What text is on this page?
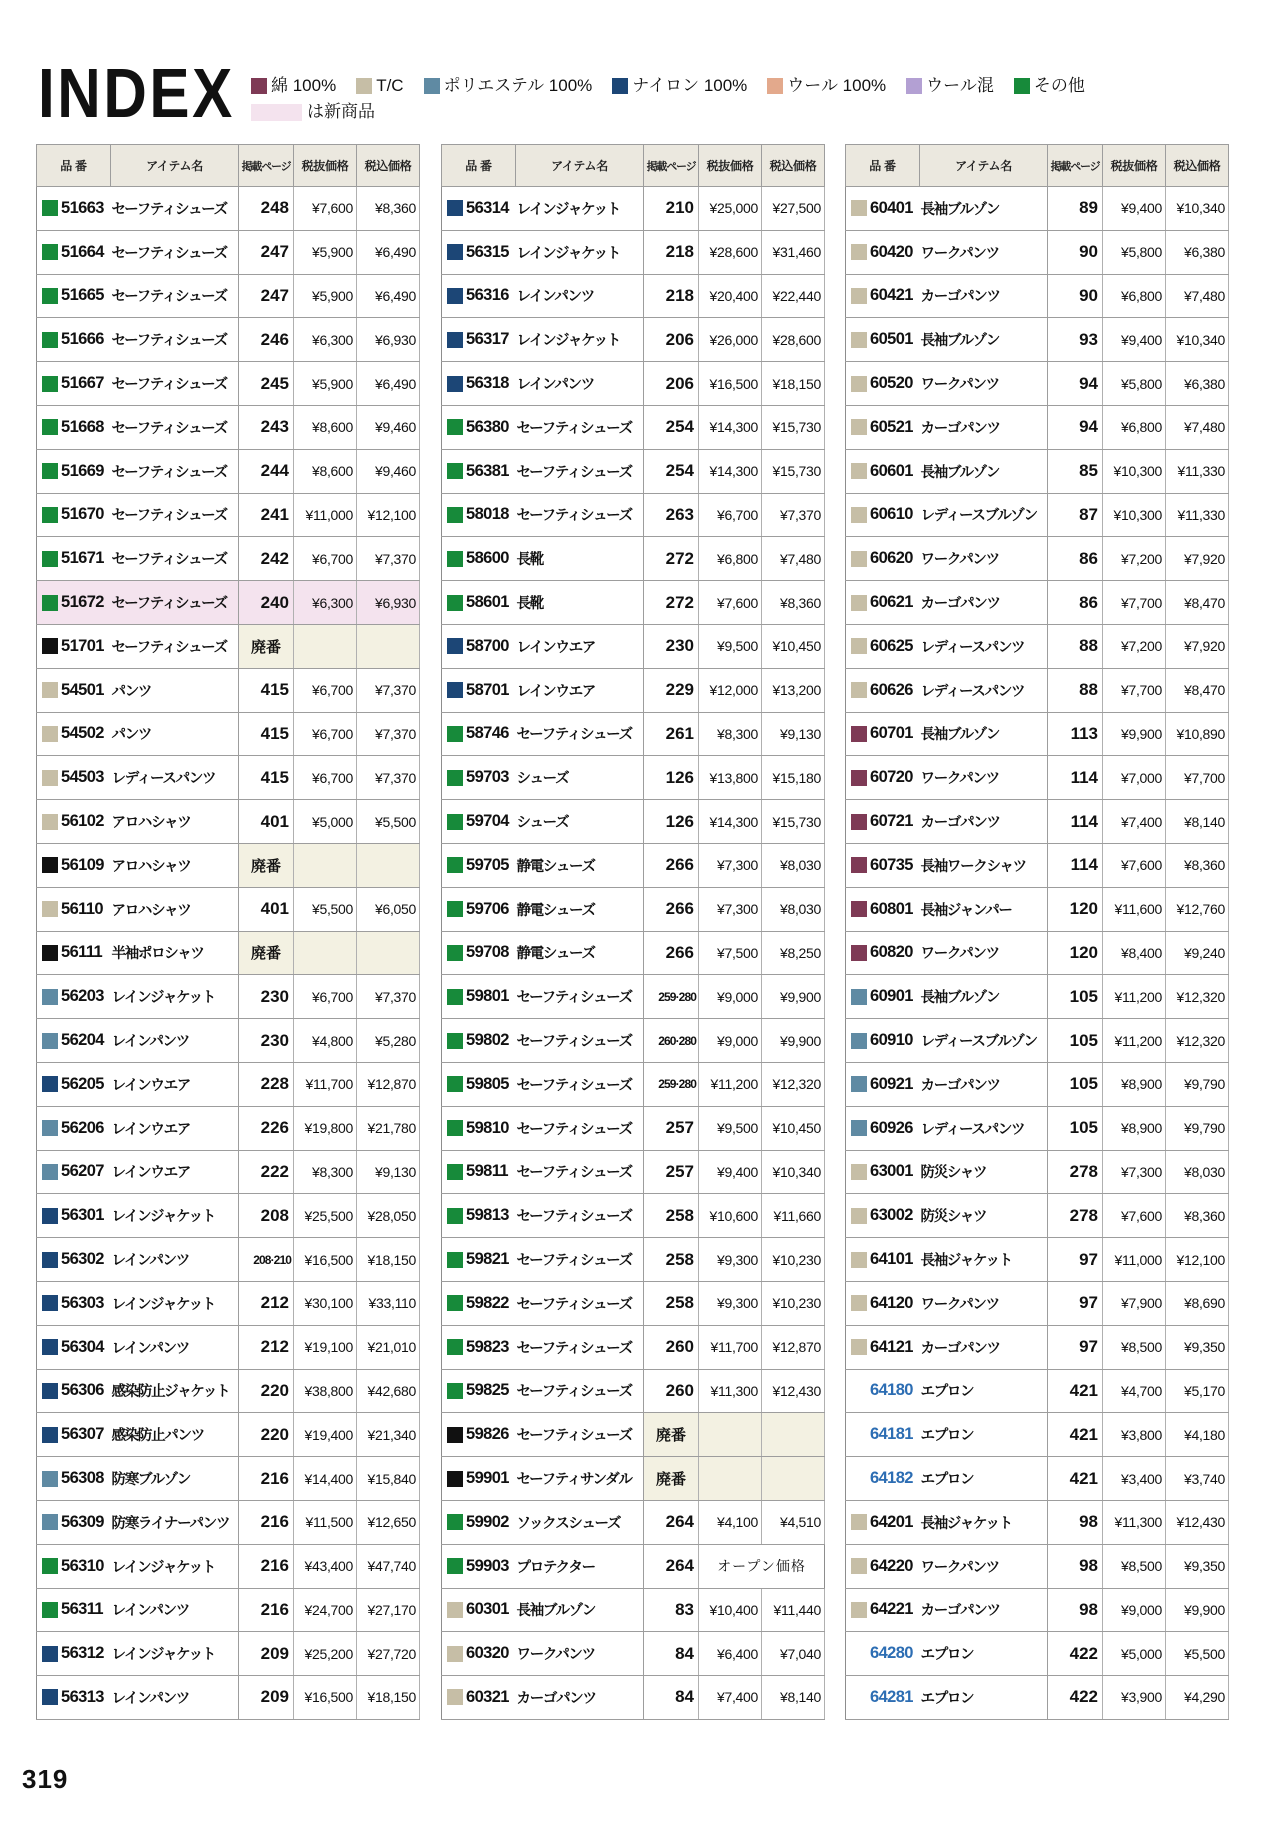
INDEX 綿 100% T/C ポリエステル 100% ナイロン 100% ウール 100% ウール混 その他
は新商品
品 番	アイテム名	掲載ページ	税抜価格	税込価格
51663	セーフティシューズ	248	¥7,600	¥8,360
51664	セーフティシューズ	247	¥5,900	¥6,490
51665	セーフティシューズ	247	¥5,900	¥6,490
51666	セーフティシューズ	246	¥6,300	¥6,930
51667	セーフティシューズ	245	¥5,900	¥6,490
51668	セーフティシューズ	243	¥8,600	¥9,460
51669	セーフティシューズ	244	¥8,600	¥9,460
51670	セーフティシューズ	241	¥11,000	¥12,100
51671	セーフティシューズ	242	¥6,700	¥7,370
51672	セーフティシューズ	240	¥6,300	¥6,930
51701	セーフティシューズ	廃番		
54501	パンツ	415	¥6,700	¥7,370
54502	パンツ	415	¥6,700	¥7,370
54503	レディースパンツ	415	¥6,700	¥7,370
56102	アロハシャツ	401	¥5,000	¥5,500
56109	アロハシャツ	廃番		
56110	アロハシャツ	401	¥5,500	¥6,050
56111	半袖ポロシャツ	廃番		
56203	レインジャケット	230	¥6,700	¥7,370
56204	レインパンツ	230	¥4,800	¥5,280
56205	レインウエア	228	¥11,700	¥12,870
56206	レインウエア	226	¥19,800	¥21,780
56207	レインウエア	222	¥8,300	¥9,130
56301	レインジャケット	208	¥25,500	¥28,050
56302	レインパンツ	208·210	¥16,500	¥18,150
56303	レインジャケット	212	¥30,100	¥33,110
56304	レインパンツ	212	¥19,100	¥21,010
56306	感染防止ジャケット	220	¥38,800	¥42,680
56307	感染防止パンツ	220	¥19,400	¥21,340
56308	防寒ブルゾン	216	¥14,400	¥15,840
56309	防寒ライナーパンツ	216	¥11,500	¥12,650
56310	レインジャケット	216	¥43,400	¥47,740
56311	レインパンツ	216	¥24,700	¥27,170
56312	レインジャケット	209	¥25,200	¥27,720
56313	レインパンツ	209	¥16,500	¥18,150
品 番	アイテム名	掲載ページ	税抜価格	税込価格
56314	レインジャケット	210	¥25,000	¥27,500
56315	レインジャケット	218	¥28,600	¥31,460
56316	レインパンツ	218	¥20,400	¥22,440
56317	レインジャケット	206	¥26,000	¥28,600
56318	レインパンツ	206	¥16,500	¥18,150
56380	セーフティシューズ	254	¥14,300	¥15,730
56381	セーフティシューズ	254	¥14,300	¥15,730
58018	セーフティシューズ	263	¥6,700	¥7,370
58600	長靴	272	¥6,800	¥7,480
58601	長靴	272	¥7,600	¥8,360
58700	レインウエア	230	¥9,500	¥10,450
58701	レインウエア	229	¥12,000	¥13,200
58746	セーフティシューズ	261	¥8,300	¥9,130
59703	シューズ	126	¥13,800	¥15,180
59704	シューズ	126	¥14,300	¥15,730
59705	静電シューズ	266	¥7,300	¥8,030
59706	静電シューズ	266	¥7,300	¥8,030
59708	静電シューズ	266	¥7,500	¥8,250
59801	セーフティシューズ	259·280	¥9,000	¥9,900
59802	セーフティシューズ	260·280	¥9,000	¥9,900
59805	セーフティシューズ	259·280	¥11,200	¥12,320
59810	セーフティシューズ	257	¥9,500	¥10,450
59811	セーフティシューズ	257	¥9,400	¥10,340
59813	セーフティシューズ	258	¥10,600	¥11,660
59821	セーフティシューズ	258	¥9,300	¥10,230
59822	セーフティシューズ	258	¥9,300	¥10,230
59823	セーフティシューズ	260	¥11,700	¥12,870
59825	セーフティシューズ	260	¥11,300	¥12,430
59826	セーフティシューズ	廃番		
59901	セーフティサンダル	廃番		
59902	ソックスシューズ	264	¥4,100	¥4,510
59903	プロテクター	264	オープン価格	
60301	長袖ブルゾン	83	¥10,400	¥11,440
60320	ワークパンツ	84	¥6,400	¥7,040
60321	カーゴパンツ	84	¥7,400	¥8,140
品 番	アイテム名	掲載ページ	税抜価格	税込価格
60401	長袖ブルゾン	89	¥9,400	¥10,340
60420	ワークパンツ	90	¥5,800	¥6,380
60421	カーゴパンツ	90	¥6,800	¥7,480
60501	長袖ブルゾン	93	¥9,400	¥10,340
60520	ワークパンツ	94	¥5,800	¥6,380
60521	カーゴパンツ	94	¥6,800	¥7,480
60601	長袖ブルゾン	85	¥10,300	¥11,330
60610	レディースブルゾン	87	¥10,300	¥11,330
60620	ワークパンツ	86	¥7,200	¥7,920
60621	カーゴパンツ	86	¥7,700	¥8,470
60625	レディースパンツ	88	¥7,200	¥7,920
60626	レディースパンツ	88	¥7,700	¥8,470
60701	長袖ブルゾン	113	¥9,900	¥10,890
60720	ワークパンツ	114	¥7,000	¥7,700
60721	カーゴパンツ	114	¥7,400	¥8,140
60735	長袖ワークシャツ	114	¥7,600	¥8,360
60801	長袖ジャンパー	120	¥11,600	¥12,760
60820	ワークパンツ	120	¥8,400	¥9,240
60901	長袖ブルゾン	105	¥11,200	¥12,320
60910	レディースブルゾン	105	¥11,200	¥12,320
60921	カーゴパンツ	105	¥8,900	¥9,790
60926	レディースパンツ	105	¥8,900	¥9,790
63001	防災シャツ	278	¥7,300	¥8,030
63002	防災シャツ	278	¥7,600	¥8,360
64101	長袖ジャケット	97	¥11,000	¥12,100
64120	ワークパンツ	97	¥7,900	¥8,690
64121	カーゴパンツ	97	¥8,500	¥9,350
64180	エプロン	421	¥4,700	¥5,170
64181	エプロン	421	¥3,800	¥4,180
64182	エプロン	421	¥3,400	¥3,740
64201	長袖ジャケット	98	¥11,300	¥12,430
64220	ワークパンツ	98	¥8,500	¥9,350
64221	カーゴパンツ	98	¥9,000	¥9,900
64280	エプロン	422	¥5,000	¥5,500
64281	エプロン	422	¥3,900	¥4,290
319
